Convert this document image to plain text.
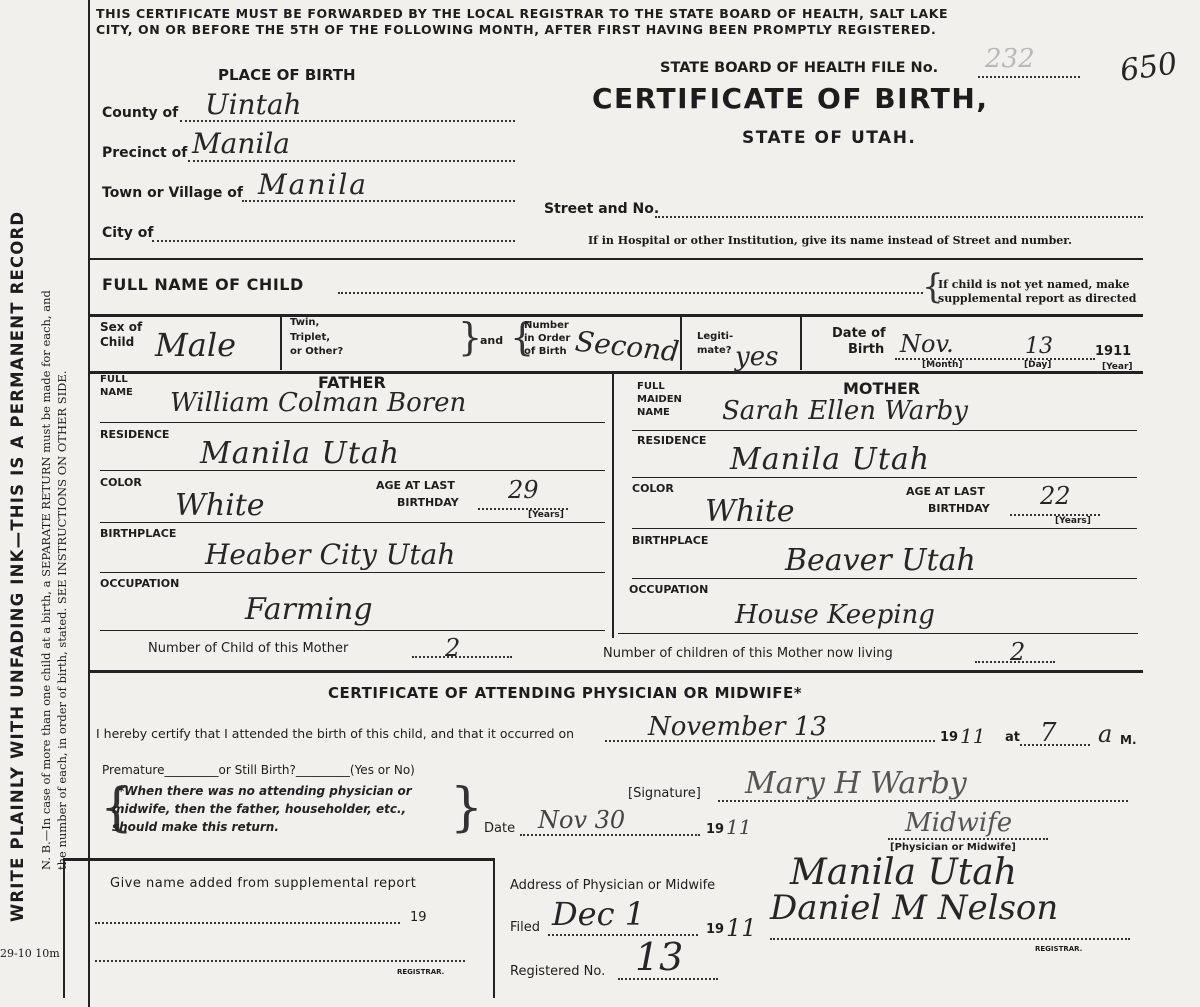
WRITE PLAINLY WITH UNFADING INK—THIS IS A PERMANENT RECORD N. B.—In case of more than one child at a birth, a SEPARATE RETURN must be made for each, and the number of each, in order of birth, stated. SEE INSTRUCTIONS ON OTHER SIDE.
29-10 10m
THIS CERTIFICATE MUST BE FORWARDED BY THE LOCAL REGISTRAR TO THE STATE BOARD OF HEALTH, SALT LAKE
CITY, ON OR BEFORE THE 5TH OF THE FOLLOWING MONTH, AFTER FIRST HAVING BEEN PROMPTLY REGISTERED.
PLACE OF BIRTH	STATE BOARD OF HEALTH FILE No. 232	650
CERTIFICATE OF BIRTH,
STATE OF UTAH.
County of Uintah
Precinct of Manila
Town or Village of Manila
City of
Street and No.
If in Hospital or other Institution, give its name instead of Street and number.
FULL NAME OF CHILD	{
If child is not yet named, make
supplemental report as directed
Sex of
Child Male
Twin,
Triplet,
or Other?	}
and {
Number
in Order
of Birth Second Legiti-
mate? yes
Date of
Birth Nov.	13	1911
[Month]	[Day]	[Year]
FULL
NAME
FATHER
William Colman Boren
RESIDENCE
Manila Utah
COLOR
White
AGE AT LAST
BIRTHDAY 29
[Years]
BIRTHPLACE
Heaber City Utah
OCCUPATION
Farming
FULL
MAIDEN
NAME
MOTHER
Sarah Ellen Warby
RESIDENCE
Manila Utah
COLOR
White
AGE AT LAST
BIRTHDAY 22
[Years]
BIRTHPLACE
Beaver Utah
OCCUPATION
House Keeping
Number of Child of this Mother	2	Number of children of this Mother now living	2
CERTIFICATE OF ATTENDING PHYSICIAN OR MIDWIFE*
I hereby certify that I attended the birth of this child, and that it occurred on	November 13	19 11 at 7 a M.
Premature_________or Still Birth?_________(Yes or No)
{
*When there was no attending physician or
midwife, then the father, householder, etc.,
should make this return.	}	[Signature] Mary H Warby
Date Nov 30	19 11	Midwife
[Physician or Midwife]
Give name added from supplemental report
19
REGISTRAR.
Address of Physician or Midwife Manila Utah
Filed Dec 1	19 11 Daniel M Nelson
REGISTRAR.
Registered No. 13
